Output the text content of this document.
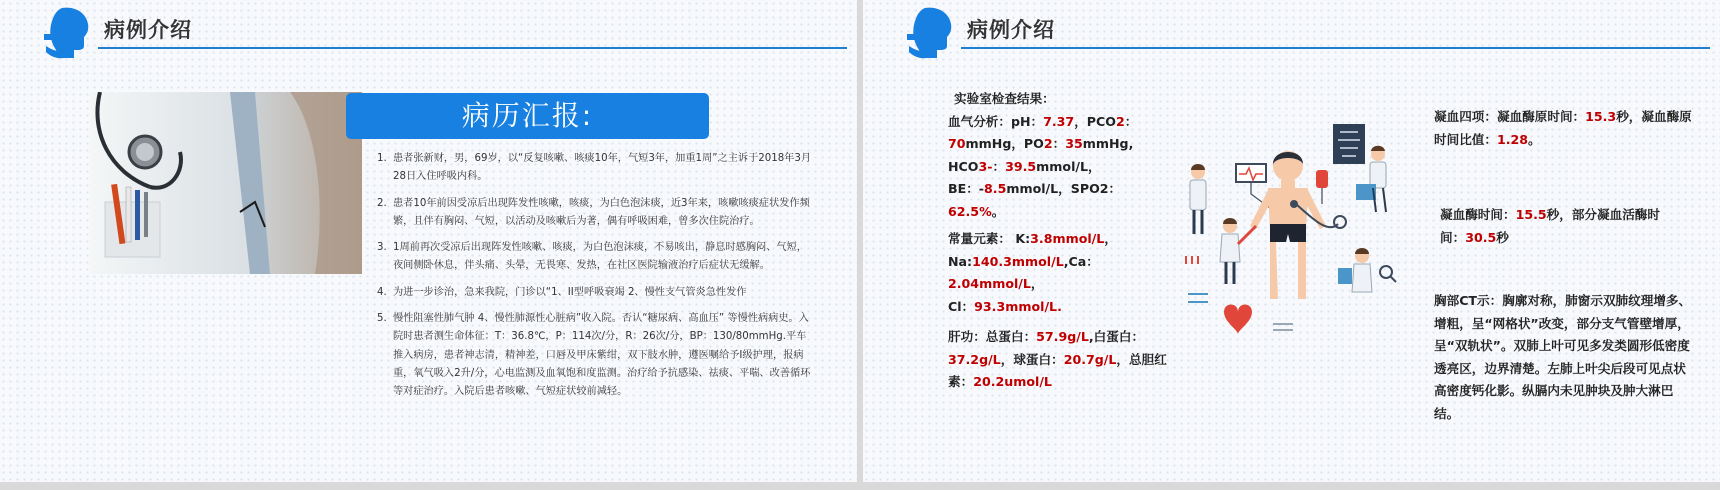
病例介绍
病历汇报:
1. 患者张新财，男，69岁，以“反复咳嗽、咳痰10年，气短3年，加重1周”之主诉于2018年3月28日入住呼吸内科。
2. 患者10年前因受凉后出现阵发性咳嗽，咳痰，为白色泡沫痰，近3年来，咳嗽咳痰症状发作频繁，且伴有胸闷、气短，以活动及咳嗽后为著，偶有呼吸困难，曾多次住院治疗。
3. 1周前再次受凉后出现阵发性咳嗽、咳痰，为白色泡沫痰，不易咳出，静息时感胸闷、气短，夜间侧卧休息，伴头痛、头晕，无畏寒、发热，在社区医院输液治疗后症状无缓解。
4. 为进一步诊治，急来我院，门诊以“1、II型呼吸衰竭 2、慢性支气管炎急性发作
5. 慢性阻塞性肺气肿 4、慢性肺源性心脏病”收入院。否认“糖尿病、高血压” 等慢性病病史。入院时患者测生命体征：T：36.8℃，P：114次/分，R：26次/分，BP：130/80mmHg.平车推入病房，患者神志清，精神差，口唇及甲床紫绀，双下肢水肿，遵医嘱给予Ⅰ级护理，报病重，氧气吸入2升/分，心电监测及血氧饱和度监测。治疗给予抗感染、祛痰、平喘、改善循环等对症治疗。入院后患者咳嗽、气短症状较前减轻。
病例介绍
实验室检查结果：
血气分析：pH：7.37，PCO2：70mmHg，PO2：35mmHg,
HCO3-：39.5mmol/L，BE：-8.5mmol/L，SPO2：62.5%。
常量元素： K:3.8mmol/L，
Na:140.3mmol/L,Ca：2.04mmol/L，
Cl：93.3mmol/L.
肝功：总蛋白：57.9g/L,白蛋白：37.2g/L，球蛋白：20.7g/L，总胆红素：20.2umol/L
凝血四项：凝血酶原时间：15.3秒，凝血酶原时间比值：1.28。
凝血酶时间：15.5秒，部分凝血活酶时间：30.5秒
胸部CT示：胸廓对称，肺窗示双肺纹理增多、增粗，呈“网格状”改变，部分支气管壁增厚，呈“双轨状”。双肺上叶可见多发类圆形低密度透亮区，边界清楚。左肺上叶尖后段可见点状高密度钙化影。纵膈内未见肿块及肿大淋巴结。
